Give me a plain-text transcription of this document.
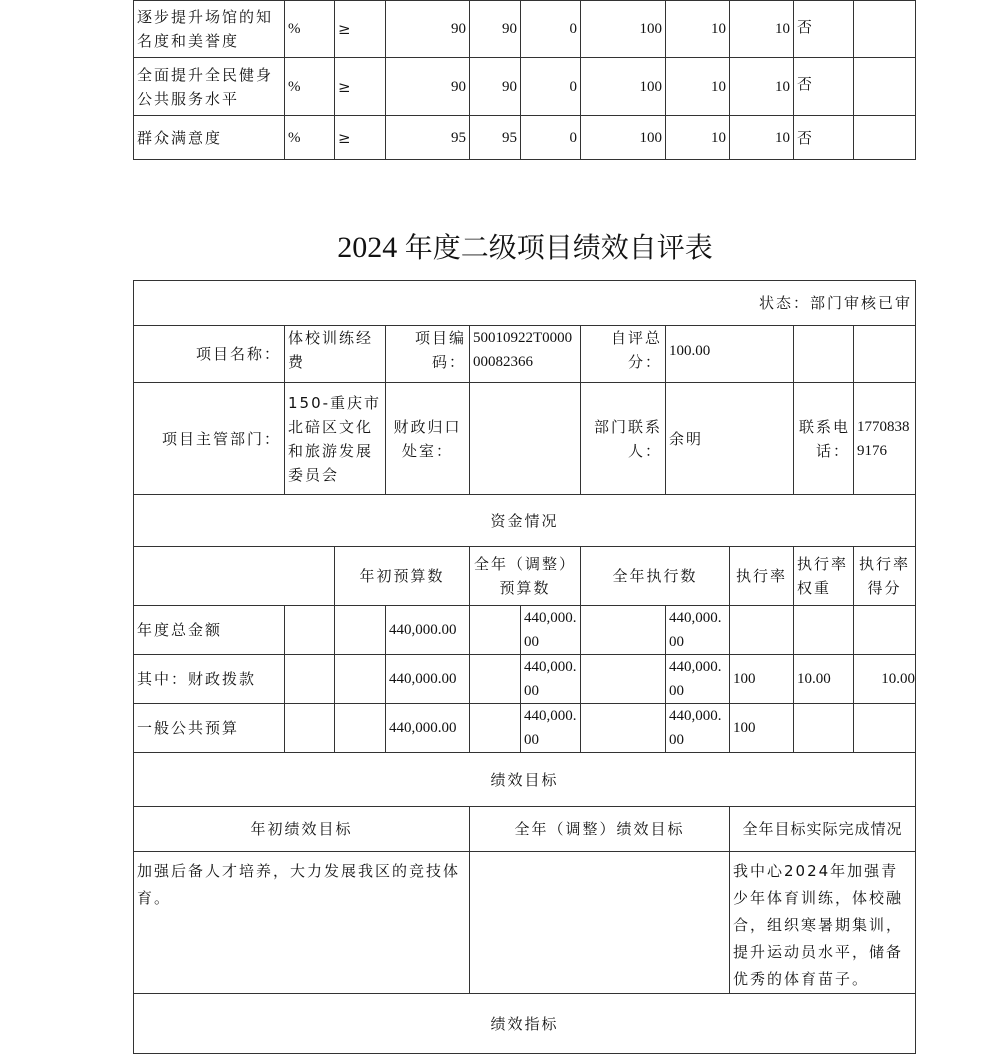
逐步提升场馆的知名度和美誉度	%	≥	90	90	0	100	10	10	否	
全面提升全民健身公共服务水平	%	≥	90	90	0	100	10	10	否	
群众满意度	%	≥	95	95	0	100	10	10	否	
2024 年度二级项目绩效自评表
状态：部门审核已审										
项目名称：	体校训练经费		项目编码：	50010922T000000082366		自评总分：	100.00			
项目主管部门：	150-重庆市北碚区文化和旅游发展委员会		财政归口处室：			部门联系人：	余明		联系电话：	17708389176
资金情况										
		年初预算数		全年（调整）预算数		全年执行数		执行率	执行率权重	执行率得分
年度总金额			440,000.00		440,000.00		440,000.00			
其中：财政拨款			440,000.00		440,000.00		440,000.00	100	10.00	10.00
一般公共预算			440,000.00		440,000.00		440,000.00	100		
绩效目标										
年初绩效目标				全年（调整）绩效目标				全年目标实际完成情况		
加强后备人才培养，大力发展我区的竞技体育。								我中心2024年加强青少年体育训练，体校融合，组织寒暑期集训，提升运动员水平，储备优秀的体育苗子。		
绩效指标										
